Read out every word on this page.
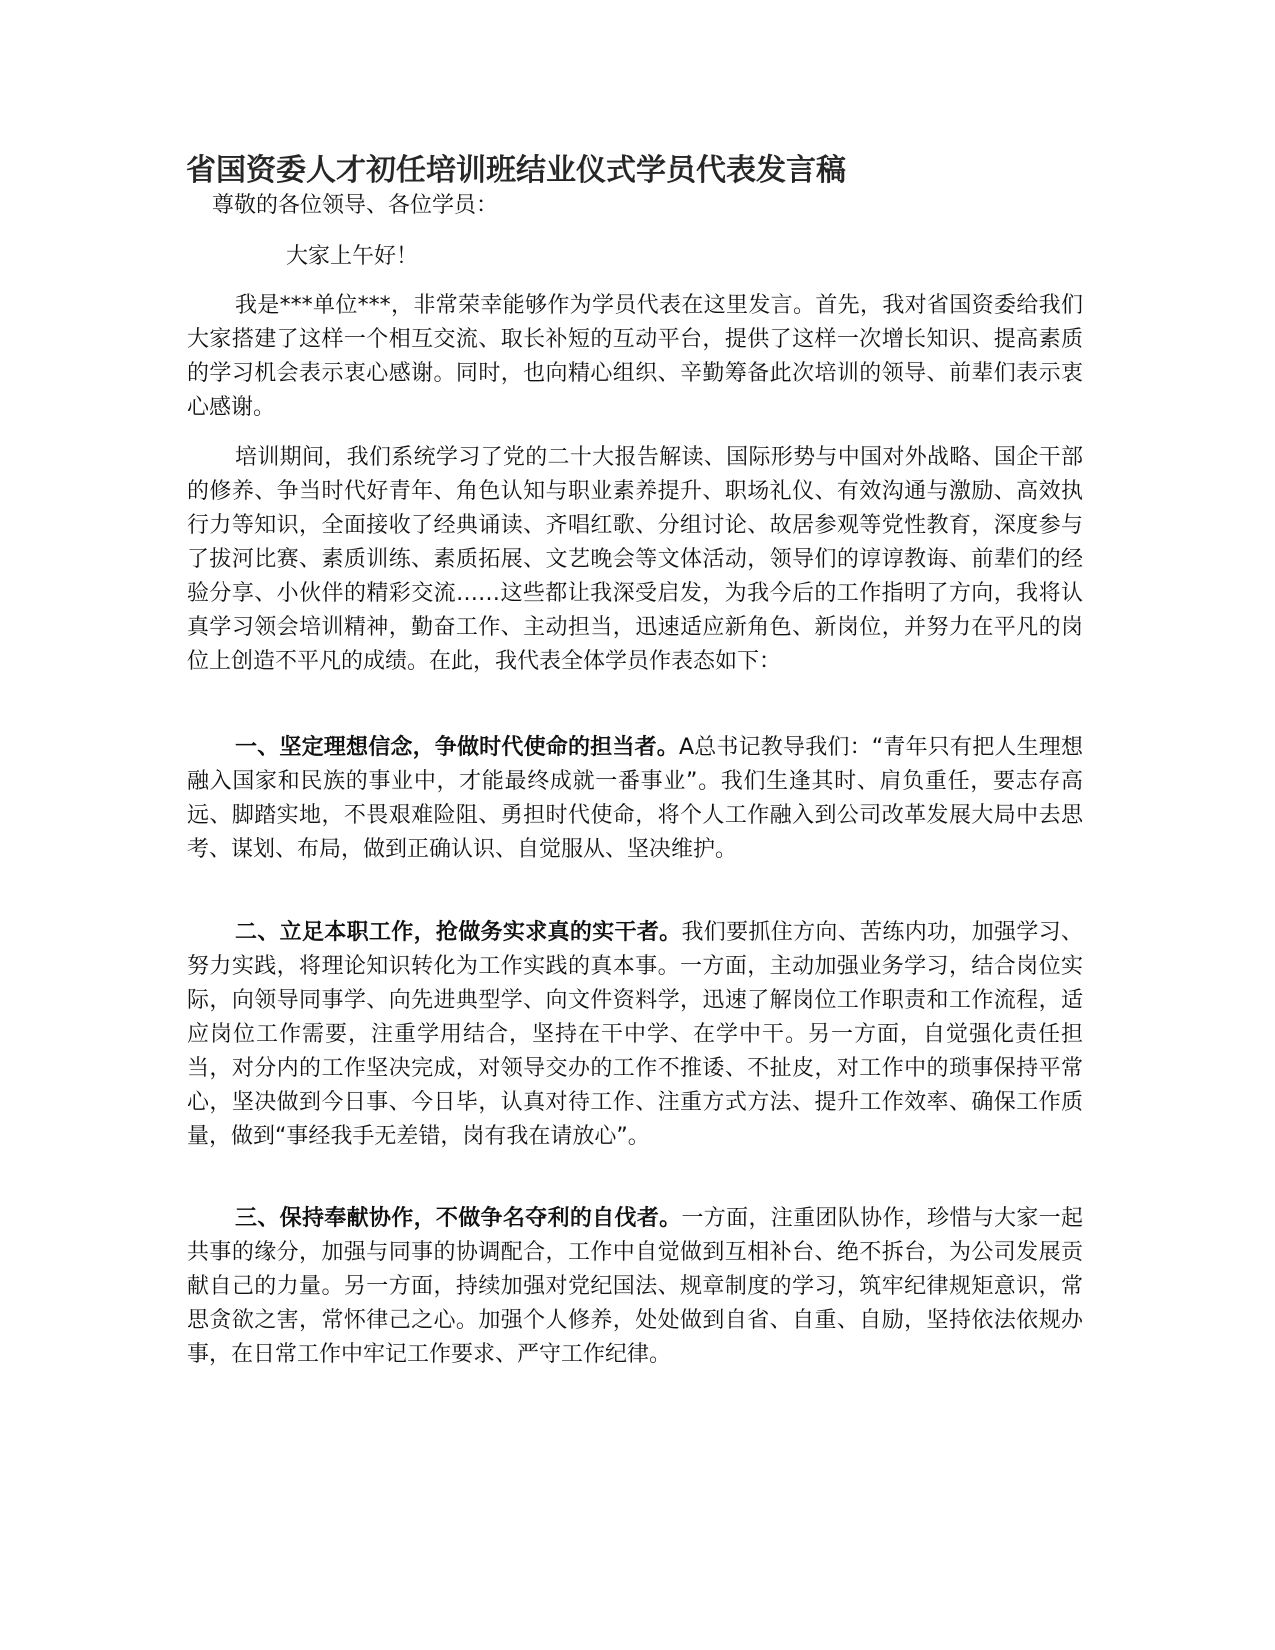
省国资委人才初任培训班结业仪式学员代表发言稿
尊敬的各位领导、各位学员：
大家上午好！

我是***单位***，非常荣幸能够作为学员代表在这里发言。首先，我对省国资委给我们大家搭建了这样一个相互交流、取长补短的互动平台，提供了这样一次增长知识、提高素质的学习机会表示衷心感谢。同时，也向精心组织、辛勤筹备此次培训的领导、前辈们表示衷心感谢。

培训期间，我们系统学习了党的二十大报告解读、国际形势与中国对外战略、国企干部的修养、争当时代好青年、角色认知与职业素养提升、职场礼仪、有效沟通与激励、高效执行力等知识，全面接收了经典诵读、齐唱红歌、分组讨论、故居参观等党性教育，深度参与了拔河比赛、素质训练、素质拓展、文艺晚会等文体活动，领导们的谆谆教诲、前辈们的经验分享、小伙伴的精彩交流……这些都让我深受启发，为我今后的工作指明了方向，我将认真学习领会培训精神，勤奋工作、主动担当，迅速适应新角色、新岗位，并努力在平凡的岗位上创造不平凡的成绩。在此，我代表全体学员作表态如下：

一、坚定理想信念，争做时代使命的担当者。A总书记教导我们：“青年只有把人生理想融入国家和民族的事业中，才能最终成就一番事业”。我们生逢其时、肩负重任，要志存高远、脚踏实地，不畏艰难险阻、勇担时代使命，将个人工作融入到公司改革发展大局中去思考、谋划、布局，做到正确认识、自觉服从、坚决维护。

二、立足本职工作，抢做务实求真的实干者。我们要抓住方向、苦练内功，加强学习、努力实践，将理论知识转化为工作实践的真本事。一方面，主动加强业务学习，结合岗位实际，向领导同事学、向先进典型学、向文件资料学，迅速了解岗位工作职责和工作流程，适应岗位工作需要，注重学用结合，坚持在干中学、在学中干。另一方面，自觉强化责任担当，对分内的工作坚决完成，对领导交办的工作不推诿、不扯皮，对工作中的琐事保持平常心，坚决做到今日事、今日毕，认真对待工作、注重方式方法、提升工作效率、确保工作质量，做到“事经我手无差错，岗有我在请放心”。

三、保持奉献协作，不做争名夺利的自伐者。一方面，注重团队协作，珍惜与大家一起共事的缘分，加强与同事的协调配合，工作中自觉做到互相补台、绝不拆台，为公司发展贡献自己的力量。另一方面，持续加强对党纪国法、规章制度的学习，筑牢纪律规矩意识，常思贪欲之害，常怀律己之心。加强个人修养，处处做到自省、自重、自励，坚持依法依规办事，在日常工作中牢记工作要求、严守工作纪律。
